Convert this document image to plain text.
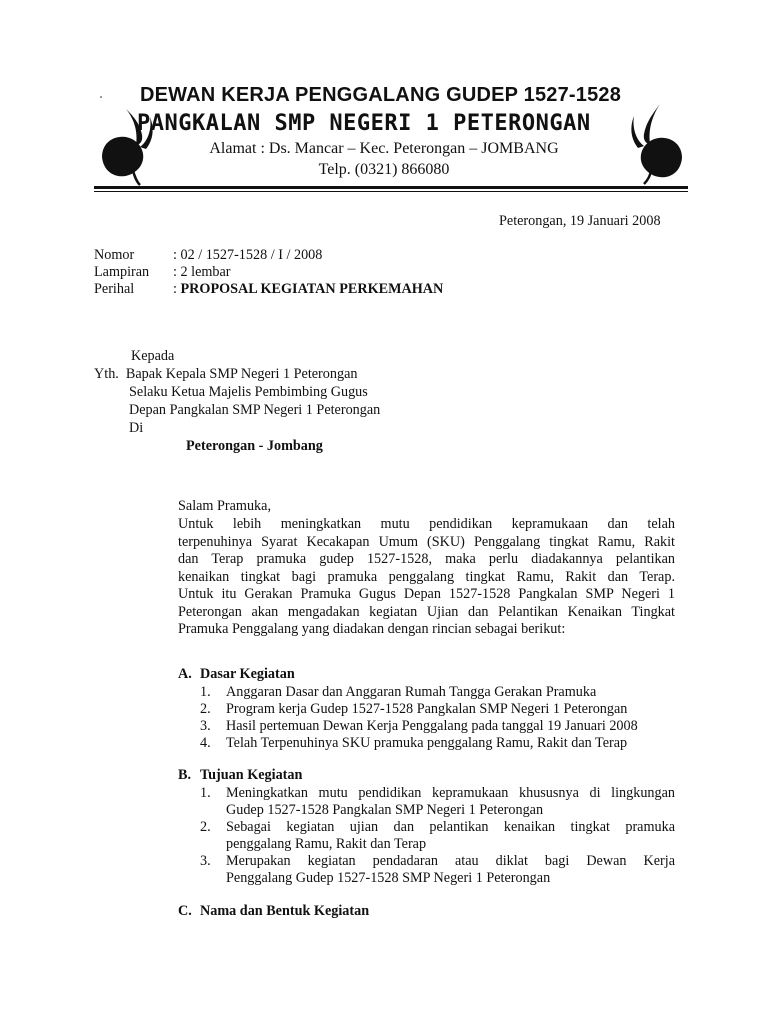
DEWAN KERJA PENGGALANG GUDEP 1527-1528
PANGKALAN SMP NEGERI 1 PETERONGAN
Alamat : Ds. Mancar – Kec. Peterongan – JOMBANG
Telp. (0321) 866080
Peterongan, 19 Januari 2008
Nomor	: 02 / 1527-1528 / I / 2008
Lampiran : 2 lembar
Perihal	: PROPOSAL KEGIATAN PERKEMAHAN
Kepada
Yth.  Bapak Kepala SMP Negeri 1 Peterongan
Selaku Ketua Majelis Pembimbing Gugus
Depan Pangkalan SMP Negeri 1 Peterongan
Di
Peterongan - Jombang
Salam Pramuka,
Untuk lebih meningkatkan mutu pendidikan kepramukaan dan telah
terpenuhinya Syarat Kecakapan Umum (SKU) Penggalang tingkat Ramu, Rakit
dan Terap pramuka gudep 1527-1528, maka perlu diadakannya pelantikan
kenaikan tingkat bagi pramuka penggalang tingkat Ramu, Rakit dan Terap.
Untuk itu Gerakan Pramuka Gugus Depan 1527-1528 Pangkalan SMP Negeri 1
Peterongan akan mengadakan kegiatan Ujian dan Pelantikan Kenaikan Tingkat
Pramuka Penggalang yang diadakan dengan rincian sebagai berikut:
A. Dasar Kegiatan
1. Anggaran Dasar dan Anggaran Rumah Tangga Gerakan Pramuka
2. Program kerja Gudep 1527-1528 Pangkalan SMP Negeri 1 Peterongan
3. Hasil pertemuan Dewan Kerja Penggalang pada tanggal 19 Januari 2008
4. Telah Terpenuhinya SKU pramuka penggalang Ramu, Rakit dan Terap
B. Tujuan Kegiatan
1. Meningkatkan mutu pendidikan kepramukaan khususnya di lingkungan
Gudep 1527-1528 Pangkalan SMP Negeri 1 Peterongan
2. Sebagai kegiatan ujian dan pelantikan kenaikan tingkat pramuka
penggalang Ramu, Rakit dan Terap
3. Merupakan kegiatan pendadaran atau diklat bagi Dewan Kerja
Penggalang Gudep 1527-1528 SMP Negeri 1 Peterongan
C. Nama dan Bentuk Kegiatan
